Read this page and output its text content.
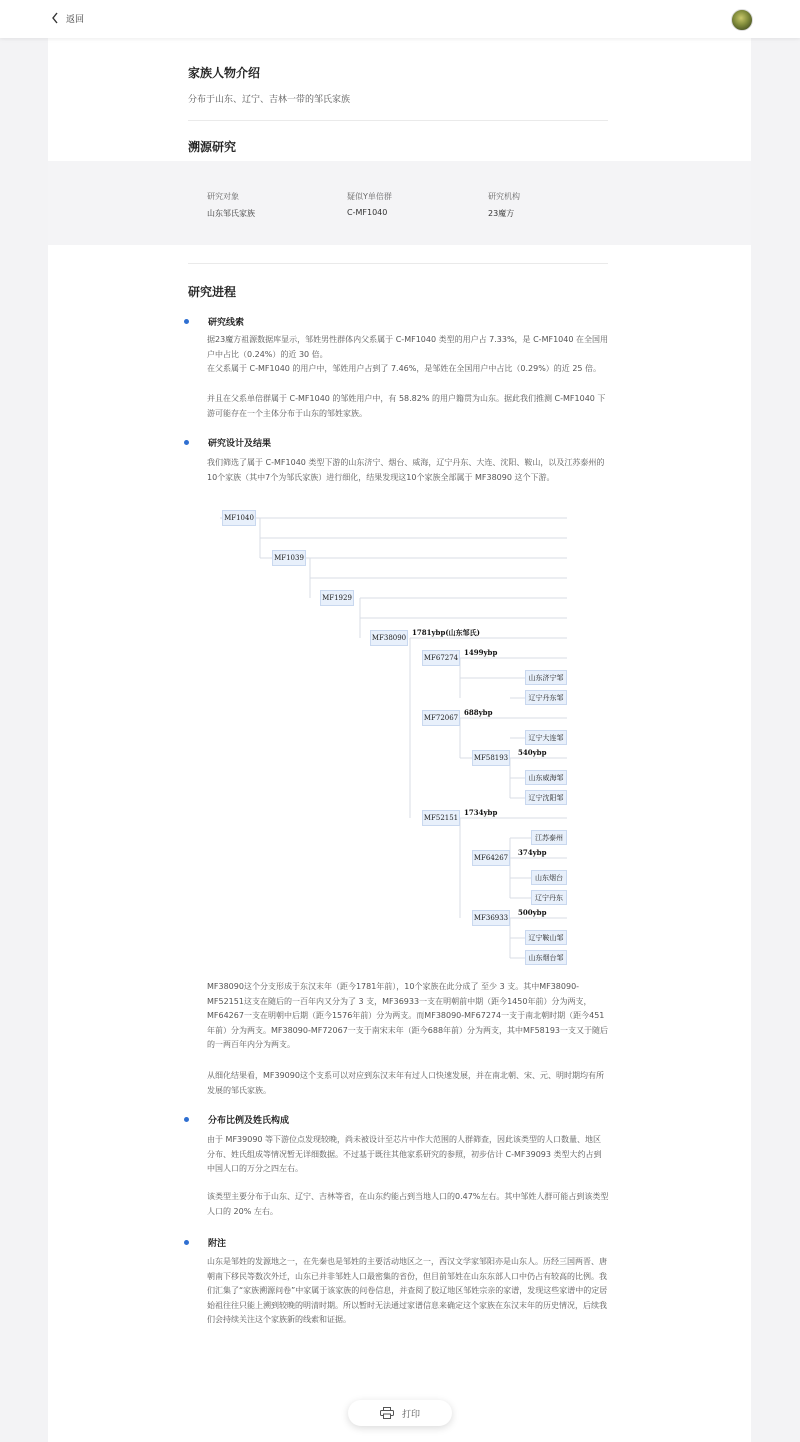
返回
家族人物介绍
分布于山东、辽宁、吉林一带的邹氏家族
溯源研究
研究对象
山东邹氏家族
疑似Y单倍群
C-MF1040
研究机构
23魔方
研究进程
研究线索

据23魔方祖源数据库显示，邹姓男性群体内父系属于 C-MF1040 类型的用户占 7.33%，是 C-MF1040 在全国用户中占比（0.24%）的近 30 倍。

在父系属于 C-MF1040 的用户中，邹姓用户占到了 7.46%，是邹姓在全国用户中占比（0.29%）的近 25 倍。

并且在父系单倍群属于 C-MF1040 的邹姓用户中，有 58.82% 的用户籍贯为山东。据此我们推测 C-MF1040 下游可能存在一个主体分布于山东的邹姓家族。

研究设计及结果

我们筛选了属于 C-MF1040 类型下游的山东济宁、烟台、威海，辽宁丹东、大连、沈阳、鞍山，以及江苏泰州的10个家族（其中7个为邹氏家族）进行细化，结果发现这10个家族全部属于 MF38090 这个下游。

MF1040
MF1039
MF1929
MF38090
MF67274
MF72067
MF58193
MF52151
MF64267
MF36933
1781ybp(山东邹氏)
1499ybp
688ybp
540ybp
1734ybp
374ybp
500ybp
山东济宁邹
辽宁丹东邹
辽宁大连邹
山东威海邹
辽宁沈阳邹
江苏泰州
山东烟台
辽宁丹东
辽宁鞍山邹
山东烟台邹

MF38090这个分支形成于东汉末年（距今1781年前），10个家族在此分成了 至少 3 支。其中MF38090-MF52151这支在随后的一百年内又分为了 3 支，MF36933一支在明朝前中期（距今1450年前）分为两支，MF64267一支在明朝中后期（距今1576年前）分为两支。而MF38090-MF67274一支于南北朝时期（距今451年前）分为两支。MF38090-MF72067一支于南宋末年（距今688年前）分为两支，其中MF58193一支又于随后的一两百年内分为两支。

从细化结果看，MF39090这个支系可以对应到东汉末年有过人口快速发展，并在南北朝、宋、元、明时期均有所发展的邹氏家族。

分布比例及姓氏构成

由于 MF39090 等下游位点发现较晚，尚未被设计至芯片中作大范围的人群筛查，因此该类型的人口数量、地区分布、姓氏组成等情况暂无详细数据。不过基于既往其他家系研究的参照，初步估计 C-MF39093 类型大约占到中国人口的万分之四左右。

该类型主要分布于山东、辽宁、吉林等省，在山东约能占到当地人口的0.47%左右。其中邹姓人群可能占到该类型人口的 20% 左右。

附注

山东是邹姓的发源地之一，在先秦也是邹姓的主要活动地区之一，西汉文学家邹阳亦是山东人。历经三国两晋、唐朝南下移民等数次外迁，山东已并非邹姓人口最密集的省份，但目前邹姓在山东东部人口中仍占有较高的比例。我们汇集了“家族溯源问卷”中家属于该家族的问卷信息，并查阅了胶辽地区邹姓宗亲的家谱，发现这些家谱中的定居始祖往往只能上溯到较晚的明清时期。所以暂时无法通过家谱信息来确定这个家族在东汉末年的历史情况，后续我们会持续关注这个家族新的线索和证据。

打印
